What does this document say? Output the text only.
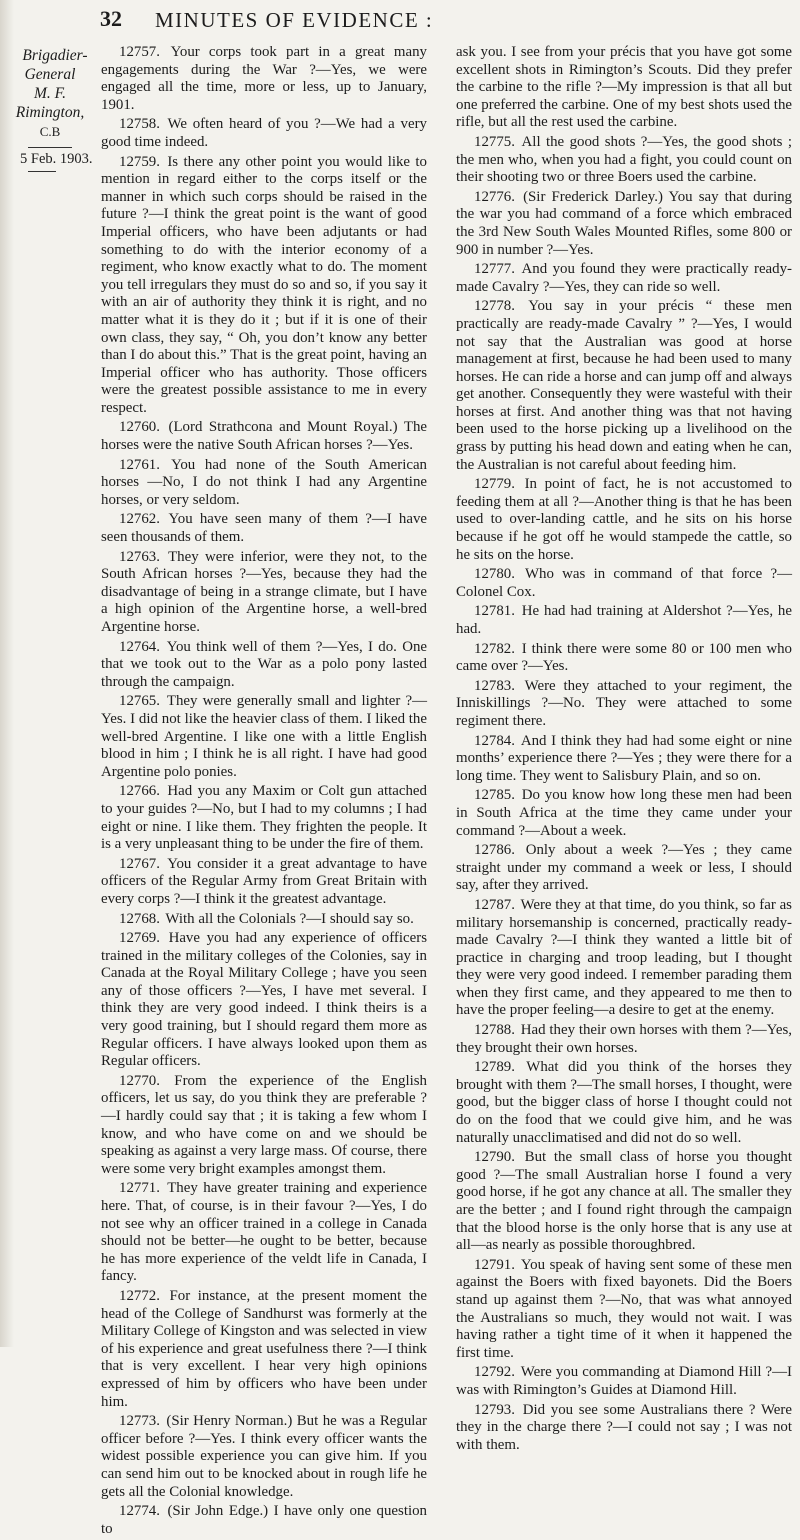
32 MINUTES OF EVIDENCE :
Brigadier-
General
M. F.
Rimington,
C.B
5 Feb. 1903.

12757. Your corps took part in a great many engagements during the War ?—Yes, we were engaged all the time, more or less, up to January, 1901.

12758. We often heard of you ?—We had a very good time indeed.

12759. Is there any other point you would like to mention in regard either to the corps itself or the manner in which such corps should be raised in the future ?—I think the great point is the want of good Imperial officers, who have been adjutants or had something to do with the interior economy of a regiment, who know exactly what to do. The moment you tell irregulars they must do so and so, if you say it with an air of authority they think it is right, and no matter what it is they do it ; but if it is one of their own class, they say, “ Oh, you don’t know any better than I do about this.” That is the great point, having an Imperial officer who has authority. Those officers were the greatest possible assistance to me in every respect.

12760. (Lord Strathcona and Mount Royal.) The horses were the native South African horses ?—Yes.

12761. You had none of the South American horses —No, I do not think I had any Argentine horses, or very seldom.

12762. You have seen many of them ?—I have seen thousands of them.

12763. They were inferior, were they not, to the South African horses ?—Yes, because they had the disadvantage of being in a strange climate, but I have a high opinion of the Argentine horse, a well-bred Argentine horse.

12764. You think well of them ?—Yes, I do. One that we took out to the War as a polo pony lasted through the campaign.

12765. They were generally small and lighter ?—Yes. I did not like the heavier class of them. I liked the well-bred Argentine. I like one with a little English blood in him ; I think he is all right. I have had good Argentine polo ponies.

12766. Had you any Maxim or Colt gun attached to your guides ?—No, but I had to my columns ; I had eight or nine. I like them. They frighten the people. It is a very unpleasant thing to be under the fire of them.

12767. You consider it a great advantage to have officers of the Regular Army from Great Britain with every corps ?—I think it the greatest advantage.

12768. With all the Colonials ?—I should say so.

12769. Have you had any experience of officers trained in the military colleges of the Colonies, say in Canada at the Royal Military College ; have you seen any of those officers ?—Yes, I have met several. I think they are very good indeed. I think theirs is a very good training, but I should regard them more as Regular officers. I have always looked upon them as Regular officers.

12770. From the experience of the English officers, let us say, do you think they are preferable ?—I hardly could say that ; it is taking a few whom I know, and who have come on and we should be speaking as against a very large mass. Of course, there were some very bright examples amongst them.

12771. They have greater training and experience here. That, of course, is in their favour ?—Yes, I do not see why an officer trained in a college in Canada should not be better—he ought to be better, because he has more experience of the veldt life in Canada, I fancy.

12772. For instance, at the present moment the head of the College of Sandhurst was formerly at the Military College of Kingston and was selected in view of his experience and great usefulness there ?—I think that is very excellent. I hear very high opinions expressed of him by officers who have been under him.

12773. (Sir Henry Norman.) But he was a Regular officer before ?—Yes. I think every officer wants the widest possible experience you can give him. If you can send him out to be knocked about in rough life he gets all the Colonial knowledge.

12774. (Sir John Edge.) I have only one question to

ask you. I see from your précis that you have got some excellent shots in Rimington’s Scouts. Did they prefer the carbine to the rifle ?—My impression is that all but one preferred the carbine. One of my best shots used the rifle, but all the rest used the carbine.

12775. All the good shots ?—Yes, the good shots ; the men who, when you had a fight, you could count on their shooting two or three Boers used the carbine.

12776. (Sir Frederick Darley.) You say that during the war you had command of a force which embraced the 3rd New South Wales Mounted Rifles, some 800 or 900 in number ?—Yes.

12777. And you found they were practically ready-made Cavalry ?—Yes, they can ride so well.

12778. You say in your précis “ these men practically are ready-made Cavalry ” ?—Yes, I would not say that the Australian was good at horse management at first, because he had been used to many horses. He can ride a horse and can jump off and always get another. Consequently they were wasteful with their horses at first. And another thing was that not having been used to the horse picking up a livelihood on the grass by putting his head down and eating when he can, the Australian is not careful about feeding him.

12779. In point of fact, he is not accustomed to feeding them at all ?—Another thing is that he has been used to over-landing cattle, and he sits on his horse because if he got off he would stampede the cattle, so he sits on the horse.

12780. Who was in command of that force ?—Colonel Cox.

12781. He had had training at Aldershot ?—Yes, he had.

12782. I think there were some 80 or 100 men who came over ?—Yes.

12783. Were they attached to your regiment, the Inniskillings ?—No. They were attached to some regiment there.

12784. And I think they had had some eight or nine months’ experience there ?—Yes ; they were there for a long time. They went to Salisbury Plain, and so on.

12785. Do you know how long these men had been in South Africa at the time they came under your command ?—About a week.

12786. Only about a week ?—Yes ; they came straight under my command a week or less, I should say, after they arrived.

12787. Were they at that time, do you think, so far as military horsemanship is concerned, practically ready-made Cavalry ?—I think they wanted a little bit of practice in charging and troop leading, but I thought they were very good indeed. I remember parading them when they first came, and they appeared to me then to have the proper feeling—a desire to get at the enemy.

12788. Had they their own horses with them ?—Yes, they brought their own horses.

12789. What did you think of the horses they brought with them ?—The small horses, I thought, were good, but the bigger class of horse I thought could not do on the food that we could give him, and he was naturally unacclimatised and did not do so well.

12790. But the small class of horse you thought good ?—The small Australian horse I found a very good horse, if he got any chance at all. The smaller they are the better ; and I found right through the campaign that the blood horse is the only horse that is any use at all—as nearly as possible thoroughbred.

12791. You speak of having sent some of these men against the Boers with fixed bayonets. Did the Boers stand up against them ?—No, that was what annoyed the Australians so much, they would not wait. I was having rather a tight time of it when it happened the first time.

12792. Were you commanding at Diamond Hill ?—I was with Rimington’s Guides at Diamond Hill.

12793. Did you see some Australians there ? Were they in the charge there ?—I could not say ; I was not with them.
